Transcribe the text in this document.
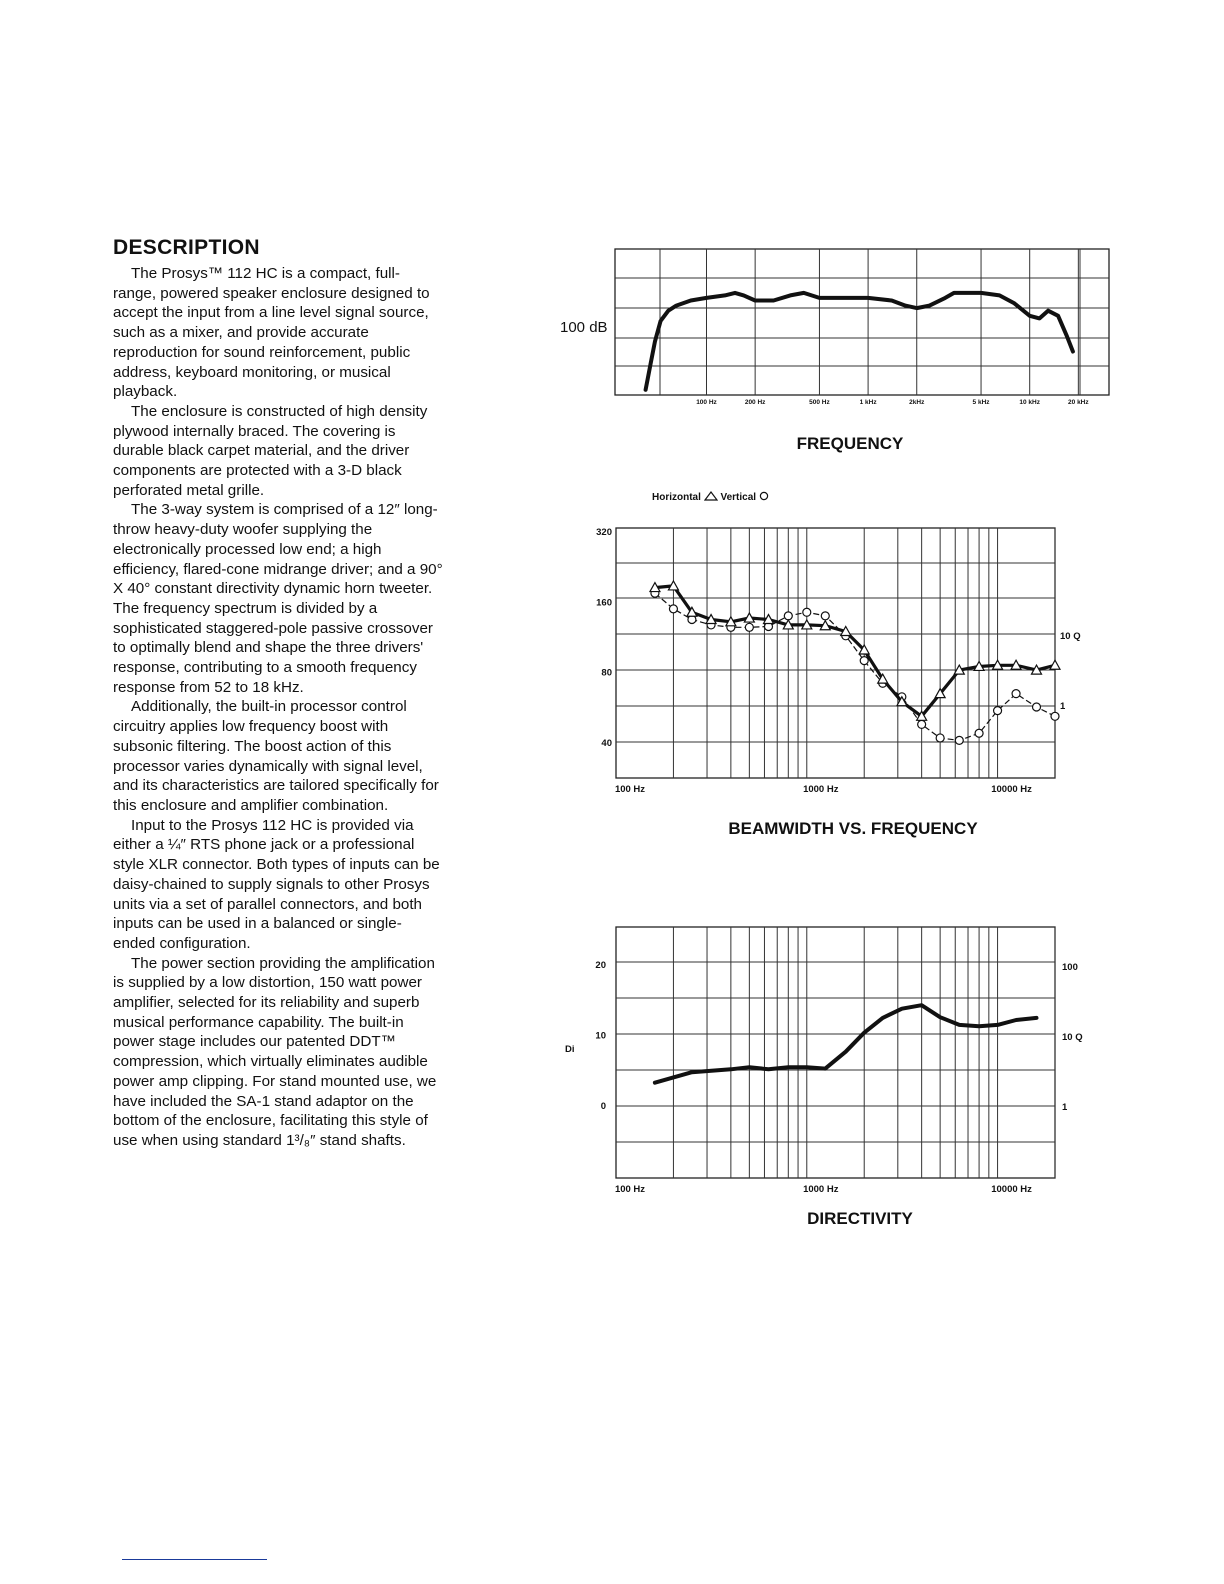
DESCRIPTION

The Prosys™ 112 HC is a compact, full-range, powered speaker enclosure designed to accept the input from a line level signal source, such as a mixer, and provide accurate reproduction for sound reinforcement, public address, keyboard monitoring, or musical playback.

The enclosure is constructed of high density plywood internally braced. The covering is durable black carpet material, and the driver components are protected with a 3-D black perforated metal grille.

The 3-way system is comprised of a 12″ long-throw heavy-duty woofer supplying the electronically processed low end; a high efficiency, flared-cone midrange driver; and a 90° X 40° constant directivity dynamic horn tweeter. The frequency spectrum is divided by a sophisticated staggered-pole passive crossover to optimally blend and shape the three drivers' response, contributing to a smooth frequency response from 52 to 18 kHz.

Additionally, the built-in processor control circuitry applies low frequency boost with subsonic filtering. The boost action of this processor varies dynamically with signal level, and its characteristics are tailored specifically for this enclosure and amplifier combination.

Input to the Prosys 112 HC is provided via either a ¼″ RTS phone jack or a professional style XLR connector. Both types of inputs can be daisy-chained to supply signals to other Prosys units via a set of parallel connectors, and both inputs can be used in a balanced or single-ended configuration.

The power section providing the amplification is supplied by a low distortion, 150 watt power amplifier, selected for its reliability and superb musical performance capability. The built-in power stage includes our patented DDT™ compression, which virtually eliminates audible power amp clipping. For stand mounted use, we have included the SA-1 stand adaptor on the bottom of the enclosure, facilitating this style of use when using standard 1³/₈″ stand shafts.

100 Hz	200 Hz	500 Hz	1 kHz	2kHz	5 kHz	10 kHz	20 kHz
100 dB
FREQUENCY
Horizontal Vertical
100 Hz	1000 Hz	10000 Hz
40
80
160
320
10 Q
1
BEAMWIDTH VS. FREQUENCY
100 Hz	1000 Hz	10000 Hz
0
10
20
Di
100
10 Q
1
DIRECTIVITY
